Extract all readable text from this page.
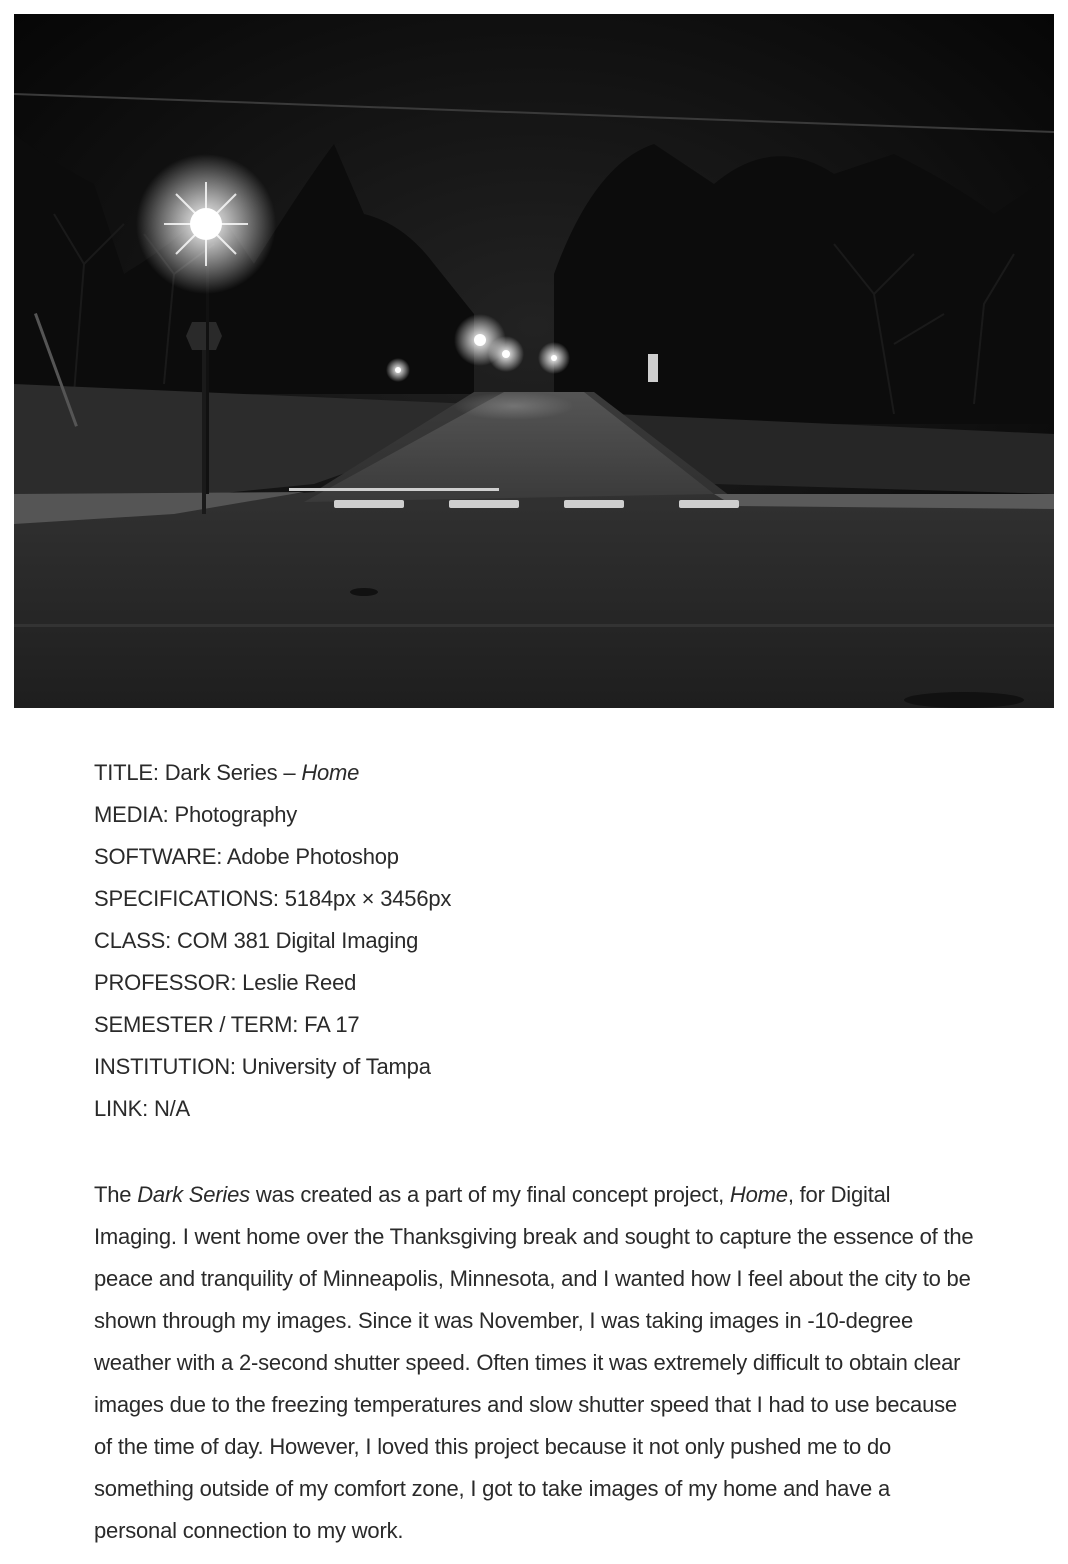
TITLE: Dark Series – Home
MEDIA: Photography
SOFTWARE: Adobe Photoshop
SPECIFICATIONS: 5184px × 3456px
CLASS: COM 381 Digital Imaging
PROFESSOR: Leslie Reed
SEMESTER / TERM: FA 17
INSTITUTION: University of Tampa
LINK: N/A

The Dark Series was created as a part of my final concept project, Home, for Digital Imaging. I went home over the Thanksgiving break and sought to capture the essence of the peace and tranquility of Minneapolis, Minnesota, and I wanted how I feel about the city to be shown through my images. Since it was November, I was taking images in -10-degree weather with a 2-second shutter speed. Often times it was extremely difficult to obtain clear images due to the freezing temperatures and slow shutter speed that I had to use because of the time of day. However, I loved this project because it not only pushed me to do something outside of my comfort zone, I got to take images of my home and have a personal connection to my work.
